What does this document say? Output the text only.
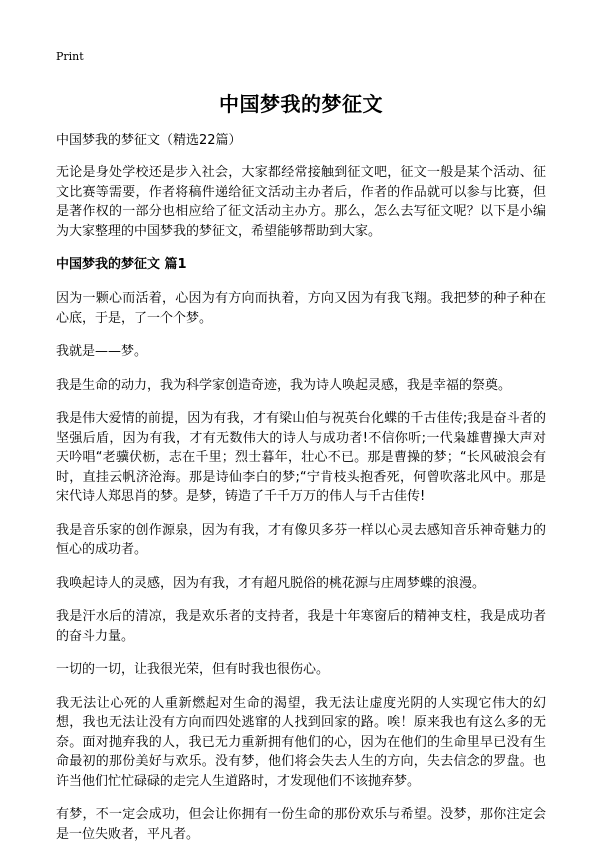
Print
中国梦我的梦征文

中国梦我的梦征文（精选22篇）

无论是身处学校还是步入社会，大家都经常接触到征文吧，征文一般是某个活动、征文比赛等需要，作者将稿件递给征文活动主办者后，作者的作品就可以参与比赛，但是著作权的一部分也相应给了征文活动主办方。那么，怎么去写征文呢？以下是小编为大家整理的中国梦我的梦征文，希望能够帮助到大家。

中国梦我的梦征文 篇1

因为一颗心而活着，心因为有方向而执着，方向又因为有我飞翔。我把梦的种子种在心底，于是，了一个个梦。

我就是——梦。

我是生命的动力，我为科学家创造奇迹，我为诗人唤起灵感，我是幸福的祭奠。

我是伟大爱情的前提，因为有我，才有梁山伯与祝英台化蝶的千古佳传;我是奋斗者的坚强后盾，因为有我，才有无数伟大的诗人与成功者!不信你听;一代枭雄曹操大声对天吟唱“老骥伏枥，志在千里；烈士暮年，壮心不已。那是曹操的梦；“长风破浪会有时，直挂云帆济沧海。那是诗仙李白的梦;“宁肯枝头抱香死，何曾吹落北风中。那是宋代诗人郑思肖的梦。是梦，铸造了千千万万的伟人与千古佳传!

我是音乐家的创作源泉，因为有我，才有像贝多芬一样以心灵去感知音乐神奇魅力的恒心的成功者。

我唤起诗人的灵感，因为有我，才有超凡脱俗的桃花源与庄周梦蝶的浪漫。

我是汗水后的清凉，我是欢乐者的支持者，我是十年寒窗后的精神支柱，我是成功者的奋斗力量。

一切的一切，让我很光荣，但有时我也很伤心。

我无法让心死的人重新燃起对生命的渴望，我无法让虚度光阴的人实现它伟大的幻想，我也无法让没有方向而四处逃窜的人找到回家的路。唉！原来我也有这么多的无奈。面对抛弃我的人，我已无力重新拥有他们的心，因为在他们的生命里早已没有生命最初的那份美好与欢乐。没有梦，他们将会失去人生的方向，失去信念的罗盘。也许当他们忙忙碌碌的走完人生道路时，才发现他们不该抛弃梦。

有梦，不一定会成功，但会让你拥有一份生命的那份欢乐与希望。没梦，那你注定会是一位失败者，平凡者。
